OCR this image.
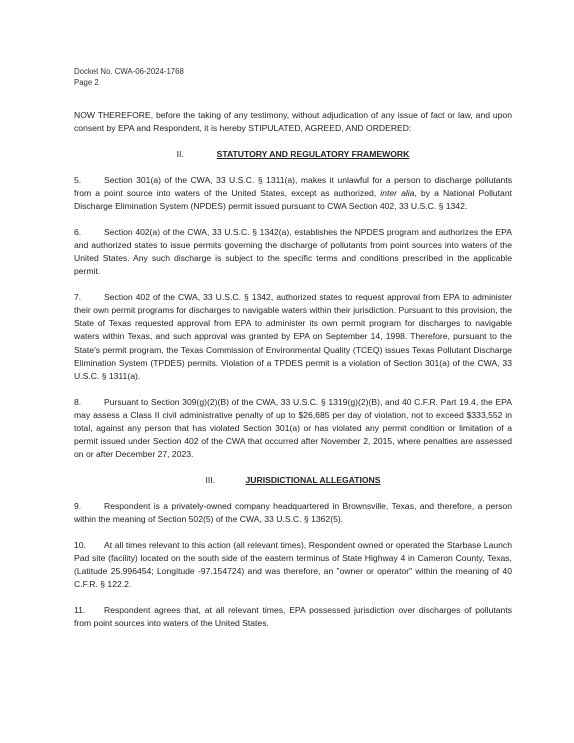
Docket No. CWA-06-2024-1768
Page 2

NOW THEREFORE, before the taking of any testimony, without adjudication of any issue of fact or law, and upon consent by EPA and Respondent, it is hereby STIPULATED, AGREED, AND ORDERED:

II.	STATUTORY AND REGULATORY FRAMEWORK

5.	Section 301(a) of the CWA, 33 U.S.C. § 1311(a), makes it unlawful for a person to discharge pollutants from a point source into waters of the United States, except as authorized, inter alia, by a National Pollutant Discharge Elimination System (NPDES) permit issued pursuant to CWA Section 402, 33 U.S.C. § 1342.

6.	Section 402(a) of the CWA, 33 U.S.C. § 1342(a), establishes the NPDES program and authorizes the EPA and authorized states to issue permits governing the discharge of pollutants from point sources into waters of the United States. Any such discharge is subject to the specific terms and conditions prescribed in the applicable permit.

7.	Section 402 of the CWA, 33 U.S.C. § 1342, authorized states to request approval from EPA to administer their own permit programs for discharges to navigable waters within their jurisdiction. Pursuant to this provision, the State of Texas requested approval from EPA to administer its own permit program for discharges to navigable waters within Texas, and such approval was granted by EPA on September 14, 1998. Therefore, pursuant to the State's permit program, the Texas Commission of Environmental Quality (TCEQ) issues Texas Pollutant Discharge Elimination System (TPDES) permits. Violation of a TPDES permit is a violation of Section 301(a) of the CWA, 33 U.S.C. § 1311(a).

8.	Pursuant to Section 309(g)(2)(B) of the CWA, 33 U.S.C. § 1319(g)(2)(B), and 40 C.F.R. Part 19.4, the EPA may assess a Class II civil administrative penalty of up to $26,685 per day of violation, not to exceed $333,552 in total, against any person that has violated Section 301(a) or has violated any permit condition or limitation of a permit issued under Section 402 of the CWA that occurred after November 2, 2015, where penalties are assessed on or after December 27, 2023.

III.	JURISDICTIONAL ALLEGATIONS

9.	Respondent is a privately-owned company headquartered in Brownsville, Texas, and therefore, a person within the meaning of Section 502(5) of the CWA, 33 U.S.C. § 1362(5).

10. At all times relevant to this action (all relevant times), Respondent owned or operated the Starbase Launch Pad site (facility) located on the south side of the eastern terminus of State Highway 4 in Cameron County, Texas, (Latitude 25.996454; Longitude -97.154724) and was therefore, an "owner or operator" within the meaning of 40 C.F.R. § 122.2.

11. Respondent agrees that, at all relevant times, EPA possessed jurisdiction over discharges of pollutants from point sources into waters of the United States.
